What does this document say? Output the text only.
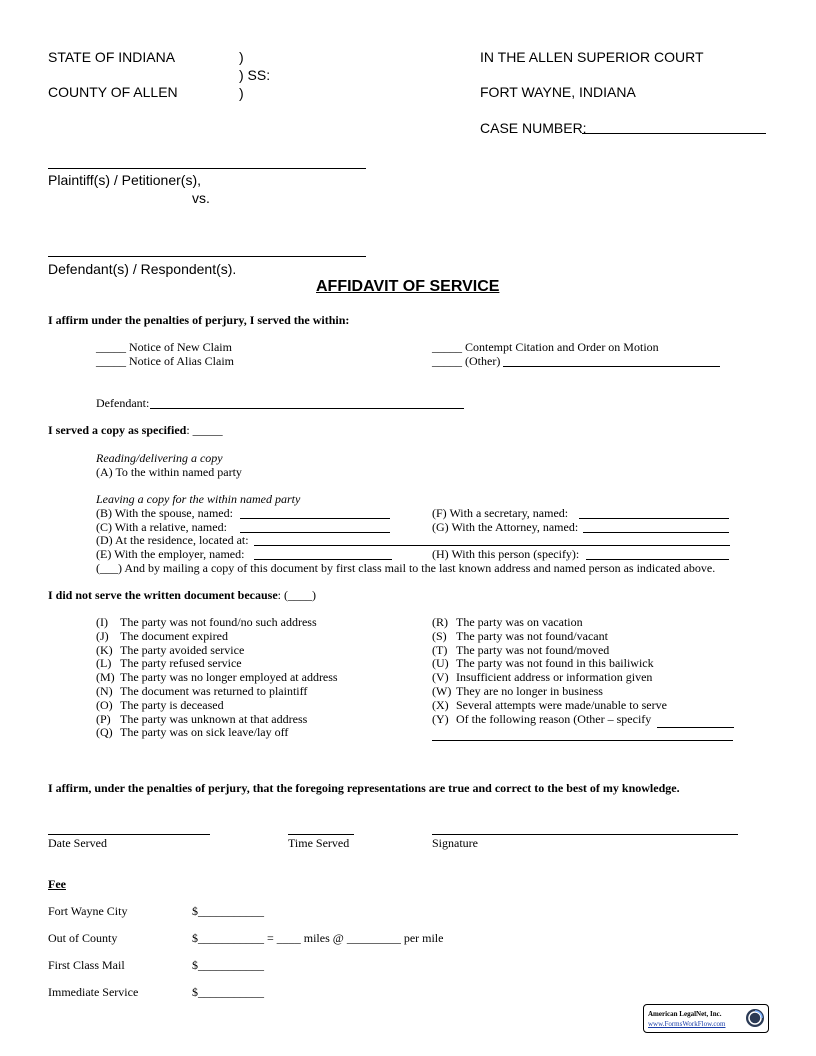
STATE OF INDIANA	)
) SS:
COUNTY OF ALLEN	)
IN THE ALLEN SUPERIOR COURT
FORT WAYNE, INDIANA
CASE NUMBER:
Plaintiff(s) / Petitioner(s),
vs.
Defendant(s) / Respondent(s).
AFFIDAVIT OF SERVICE
I affirm under the penalties of perjury, I served the within:
_____ Notice of New Claim
_____ Notice of Alias Claim
_____ Contempt Citation and Order on Motion
_____ (Other)
Defendant:
I served a copy as specified: _____
Reading/delivering a copy
(A) To the within named party
Leaving a copy for the within named party
(B) With the spouse, named:
(C) With a relative, named:
(D) At the residence, located at:
(E) With the employer, named:
(F) With a secretary, named:
(G) With the Attorney, named:
(H) With this person (specify):
(___) And by mailing a copy of this document by first class mail to the last known address and named person as indicated above.
I did not serve the written document because: (____)
(I) The party was not found/no such address
(J) The document expired
(K) The party avoided service
(L) The party refused service
(M) The party was no longer employed at address
(N) The document was returned to plaintiff
(O) The party is deceased
(P) The party was unknown at that address
(Q) The party was on sick leave/lay off
(R) The party was on vacation
(S) The party was not found/vacant
(T) The party was not found/moved
(U) The party was not found in this bailiwick
(V) Insufficient address or information given
(W) They are no longer in business
(X) Several attempts were made/unable to serve
(Y) Of the following reason (Other – specify
I affirm, under the penalties of perjury, that the foregoing representations are true and correct to the best of my knowledge.
Date Served	Time Served	Signature
Fee
Fort Wayne City	$___________
Out of County	$___________ = ____ miles @ _________ per mile
First Class Mail	$___________
Immediate Service	$___________
American LegalNet, Inc.
www.FormsWorkFlow.com
